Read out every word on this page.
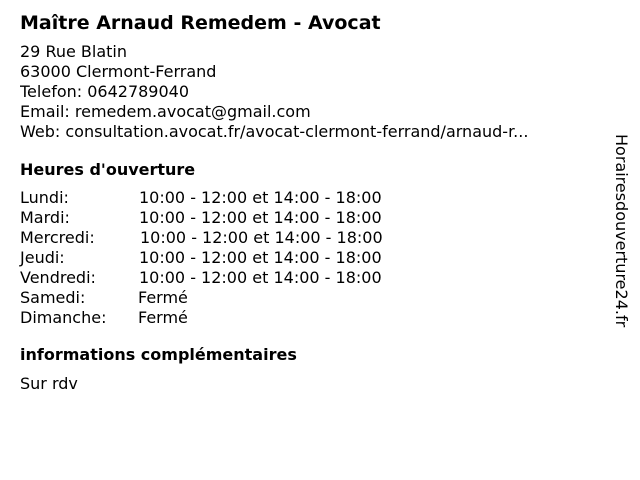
Maître Arnaud Remedem - Avocat
29 Rue Blatin
63000 Clermont-Ferrand
Telefon: 0642789040
Email: remedem.avocat@gmail.com
Web: consultation.avocat.fr/avocat-clermont-ferrand/arnaud-r...
Heures d'ouverture
Lundi:	10:00 - 12:00 et 14:00 - 18:00
Mardi:	10:00 - 12:00 et 14:00 - 18:00
Mercredi:	10:00 - 12:00 et 14:00 - 18:00
Jeudi:	10:00 - 12:00 et 14:00 - 18:00
Vendredi:	10:00 - 12:00 et 14:00 - 18:00
Samedi:	Fermé
Dimanche: Fermé
informations complémentaires
Sur rdv
Horairesdouverture24.fr
